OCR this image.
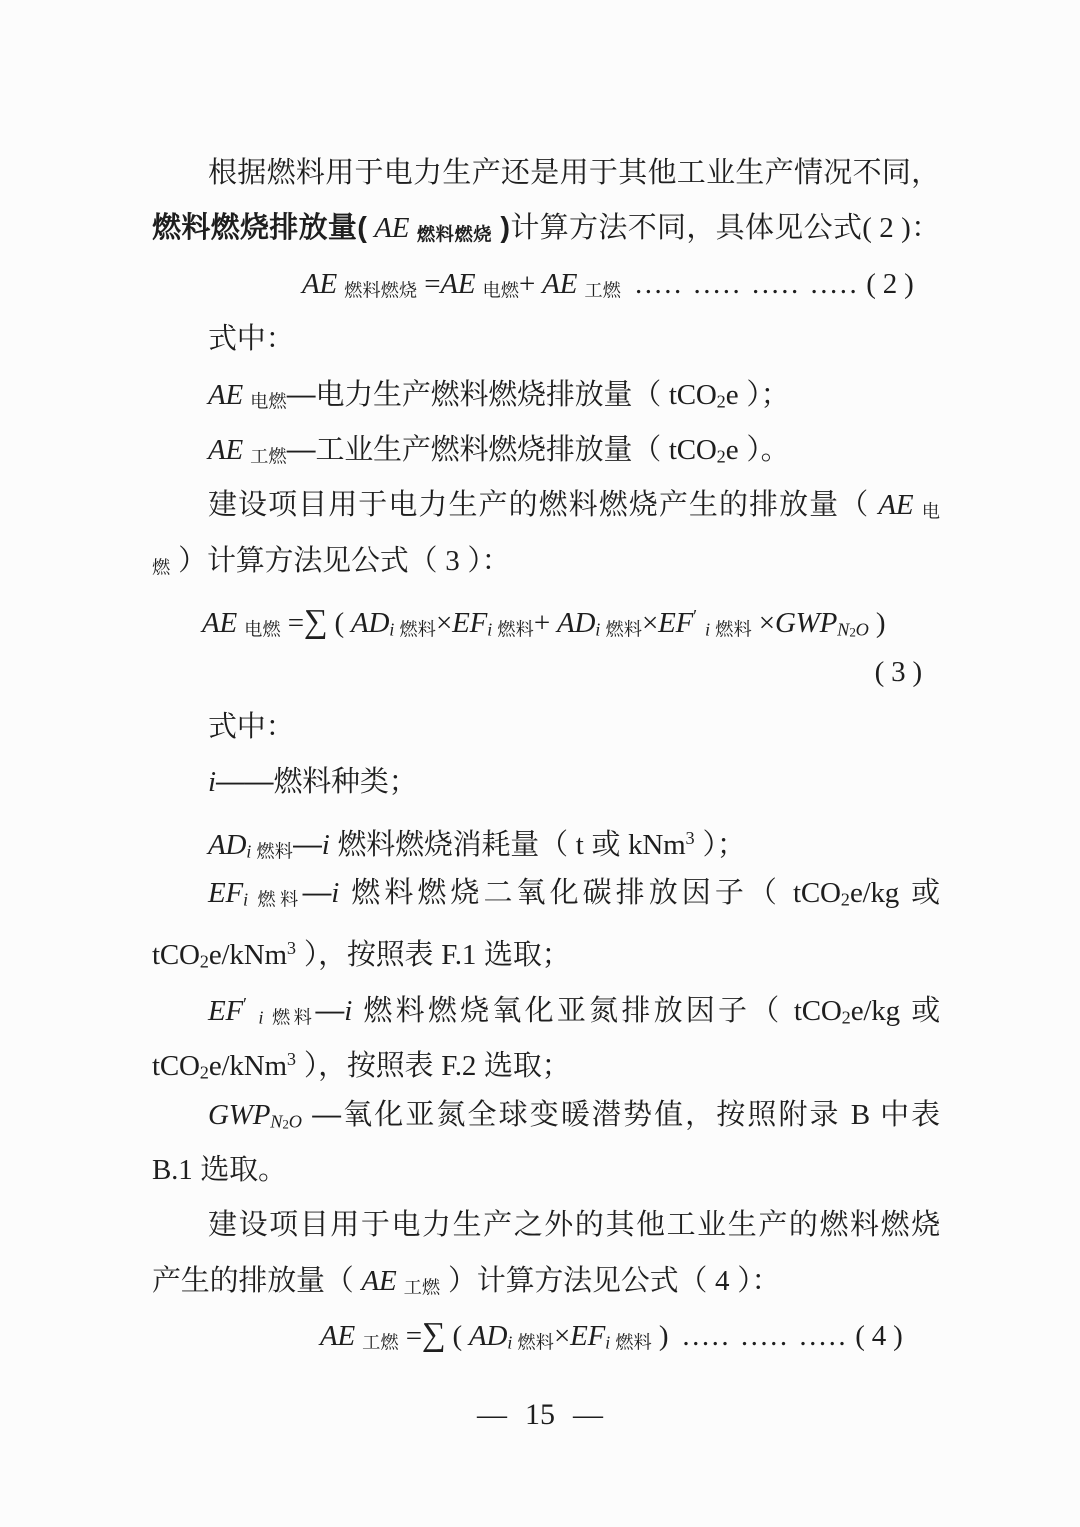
根据燃料用于电力生产还是用于其他工业生产情况不同，
燃料燃烧排放量( AE 燃料燃烧 )计算方法不同，具体见公式( 2 )：
AE 燃料燃烧 =AE 电燃+ AE 工燃 ..... ..... ..... ..... ( 2 )
式中：
AE 电燃—电力生产燃料燃烧排放量（ tCO2e ）；
AE 工燃—工业生产燃料燃烧排放量（ tCO2e ）。
建设项目用于电力生产的燃料燃烧产生的排放量（ AE 电
燃 ）计算方法见公式（ 3 ）：
AE 电燃 =∑ ( ADi 燃料×EFi 燃料+ ADi 燃料×EF′ i 燃料 ×GWPN2O )
( 3 )
式中：
i——燃料种类；
ADi 燃料—i 燃料燃烧消耗量（ t 或 kNm$^3$ ）；
EFi 燃料—i 燃料燃烧二氧化碳排放因子（ tCO2e/kg 或
tCO2e/kNm$^3$ ），按照表 F.1 选取；
EF′ i 燃料—i 燃料燃烧氧化亚氮排放因子（ tCO2e/kg 或
tCO2e/kNm$^3$ ），按照表 F.2 选取；
GWPN2O —氧化亚氮全球变暖潜势值，按照附录 B 中表
B.1 选取。
建设项目用于电力生产之外的其他工业生产的燃料燃烧
产生的排放量（ AE 工燃 ）计算方法见公式（ 4 ）：
AE 工燃 =∑ ( ADi 燃料×EFi 燃料 )  ..... ..... ..... ( 4 )
— 15 —
